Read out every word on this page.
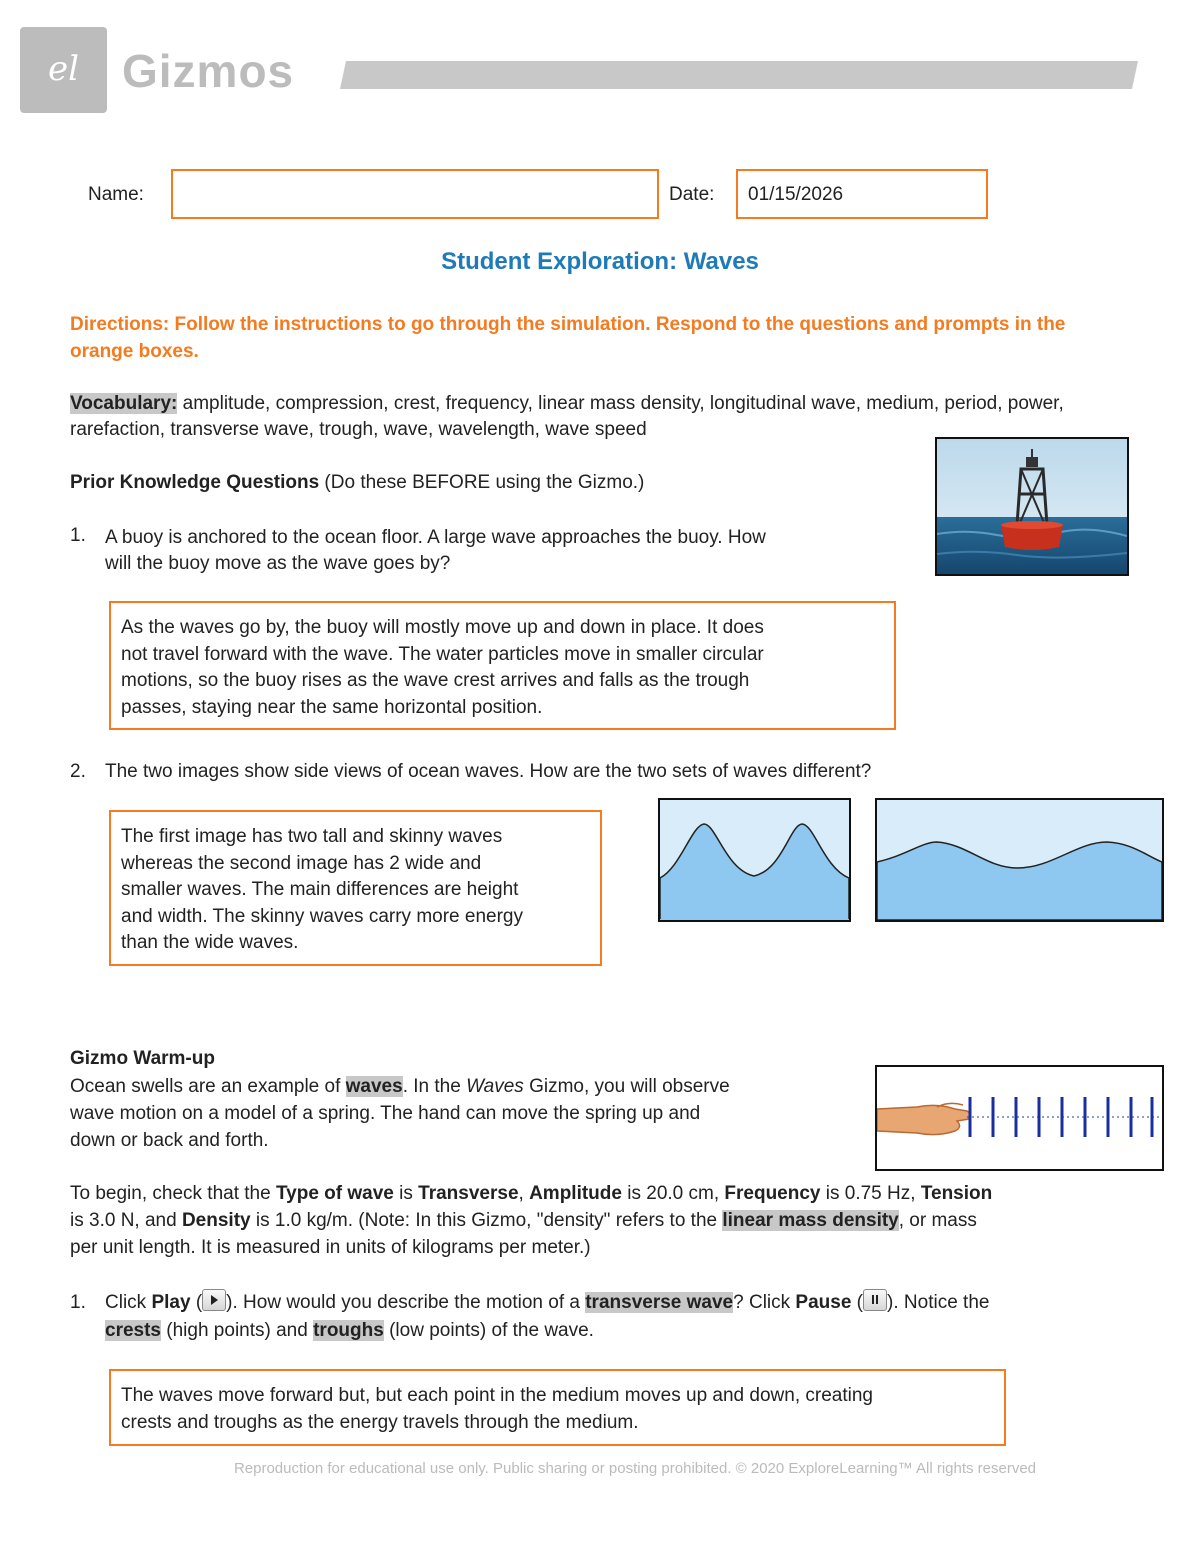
el Gizmos
Name:	Date:	01/15/2026
Student Exploration: Waves
Directions: Follow the instructions to go through the simulation. Respond to the questions and prompts in the orange boxes.
Vocabulary: amplitude, compression, crest, frequency, linear mass density, longitudinal wave, medium, period, power, rarefaction, transverse wave, trough, wave, wavelength, wave speed
Prior Knowledge Questions (Do these BEFORE using the Gizmo.)
1. A buoy is anchored to the ocean floor. A large wave approaches the buoy. How
will the buoy move as the wave goes by?
As the waves go by, the buoy will mostly move up and down in place. It does
not travel forward with the wave. The water particles move in smaller circular
motions, so the buoy rises as the wave crest arrives and falls as the trough
passes, staying near the same horizontal position.
2. The two images show side views of ocean waves. How are the two sets of waves different?
The first image has two tall and skinny waves
whereas the second image has 2 wide and
smaller waves. The main differences are height
and width. The skinny waves carry more energy
than the wide waves.
Gizmo Warm-up
Ocean swells are an example of waves. In the Waves Gizmo, you will observe
wave motion on a model of a spring. The hand can move the spring up and
down or back and forth.
To begin, check that the Type of wave is Transverse, Amplitude is 20.0 cm, Frequency is 0.75 Hz, Tension
is 3.0 N, and Density is 1.0 kg/m. (Note: In this Gizmo, "density" refers to the linear mass density, or mass
per unit length. It is measured in units of kilograms per meter.)
1. Click Play ( ). How would you describe the motion of a transverse wave? Click Pause ( ). Notice the
crests (high points) and troughs (low points) of the wave.
The waves move forward but, but each point in the medium moves up and down, creating
crests and troughs as the energy travels through the medium.
Reproduction for educational use only. Public sharing or posting prohibited. © 2020 ExploreLearning™ All rights reserved
